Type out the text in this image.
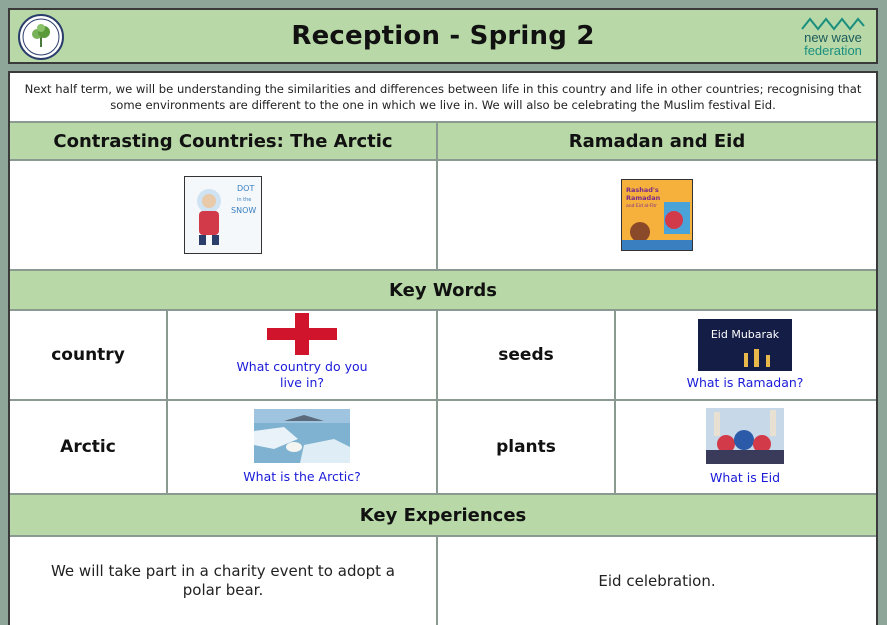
Reception - Spring 2	new wave
federation
Next half term, we will be understanding the similarities and differences between life in this country and life in other countries; recognising that some environments are different to the one in which we live in. We will also be celebrating the Muslim festival Eid.
Contrasting Countries: The Arctic	Ramadan and Eid
DOT
in the
SNOW
Rashad's
Ramadan
and Eid al-Fitr
Key Words
country
What country do you live in?
seeds
Eid Mubarak
What is Ramadan?
Arctic
What is the Arctic?
plants
What is Eid
Key Experiences
We will take part in a charity event to adopt a polar bear.
Eid celebration.
